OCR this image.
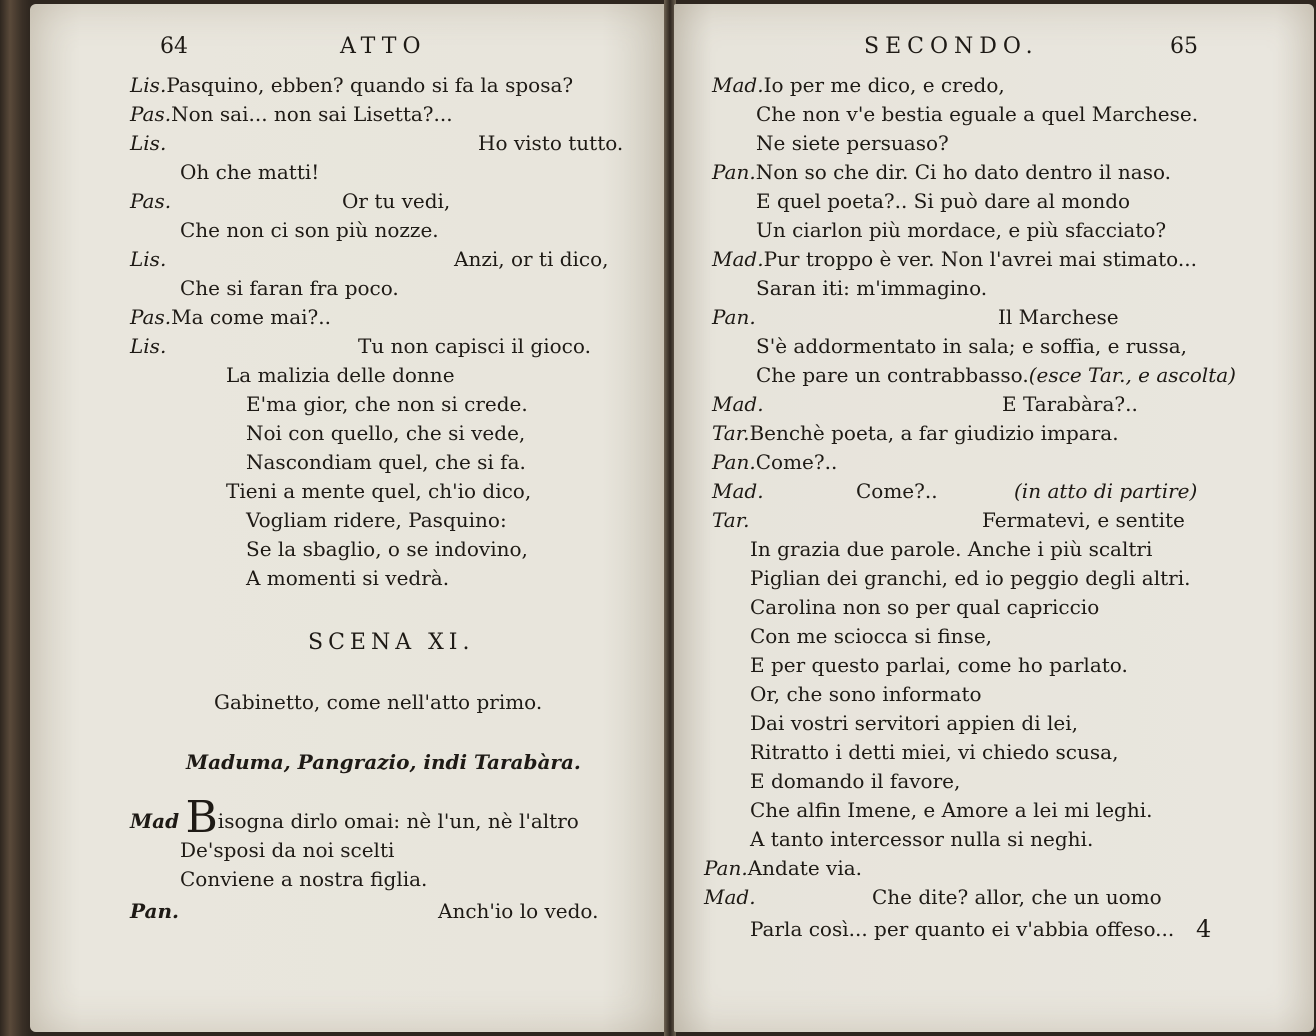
64	ATTO
Lis.Pasquino, ebben? quando si fa la sposa?
Pas.Non sai... non sai Lisetta?...
Lis.	Ho visto tutto.
Oh che matti!
Pas.	Or tu vedi,
Che non ci son più nozze.
Lis.	Anzi, or ti dico,
Che si faran fra poco.
Pas.Ma come mai?..
Lis.	Tu non capisci il gioco.
La malizia delle donne
E'ma gior, che non si crede.
Noi con quello, che si vede,
Nascondiam quel, che si fa.
Tieni a mente quel, ch'io dico,
Vogliam ridere, Pasquino:
Se la sbaglio, o se indovino,
A momenti si vedrà.
SCENA XI.
Gabinetto, come nell'atto primo.
Maduma, Pangrazio, indi Tarabàra.
Mad Bisogna dirlo omai: nè l'un, nè l'altro
De'sposi da noi scelti
Conviene a nostra figlia.
Pan.	Anch'io lo vedo.
SECONDO.	65
Mad.Io per me dico, e credo,
Che non v'e bestia eguale a quel Marchese.
Ne siete persuaso?
Pan.Non so che dir. Ci ho dato dentro il naso.
E quel poeta?.. Si può dare al mondo
Un ciarlon più mordace, e più sfacciato?
Mad.Pur troppo è ver. Non l'avrei mai stimato...
Saran iti: m'immagino.
Pan.	Il Marchese
S'è addormentato in sala; e soffia, e russa,
Che pare un contrabbasso.(esce Tar., e ascolta)
Mad.	E Tarabàra?..
Tar.Benchè poeta, a far giudizio impara.
Pan.Come?..
Mad.	Come?..	(in atto di partire)
Tar.	Fermatevi, e sentite
In grazia due parole. Anche i più scaltri
Piglian dei granchi, ed io peggio degli altri.
Carolina non so per qual capriccio
Con me sciocca si finse,
E per questo parlai, come ho parlato.
Or, che sono informato
Dai vostri servitori appien di lei,
Ritratto i detti miei, vi chiedo scusa,
E domando il favore,
Che alfin Imene, e Amore a lei mi leghi.
A tanto intercessor nulla si neghi.
Pan.Andate via.
Mad.	Che dite? allor, che un uomo
Parla così... per quanto ei v'abbia offeso... 4
